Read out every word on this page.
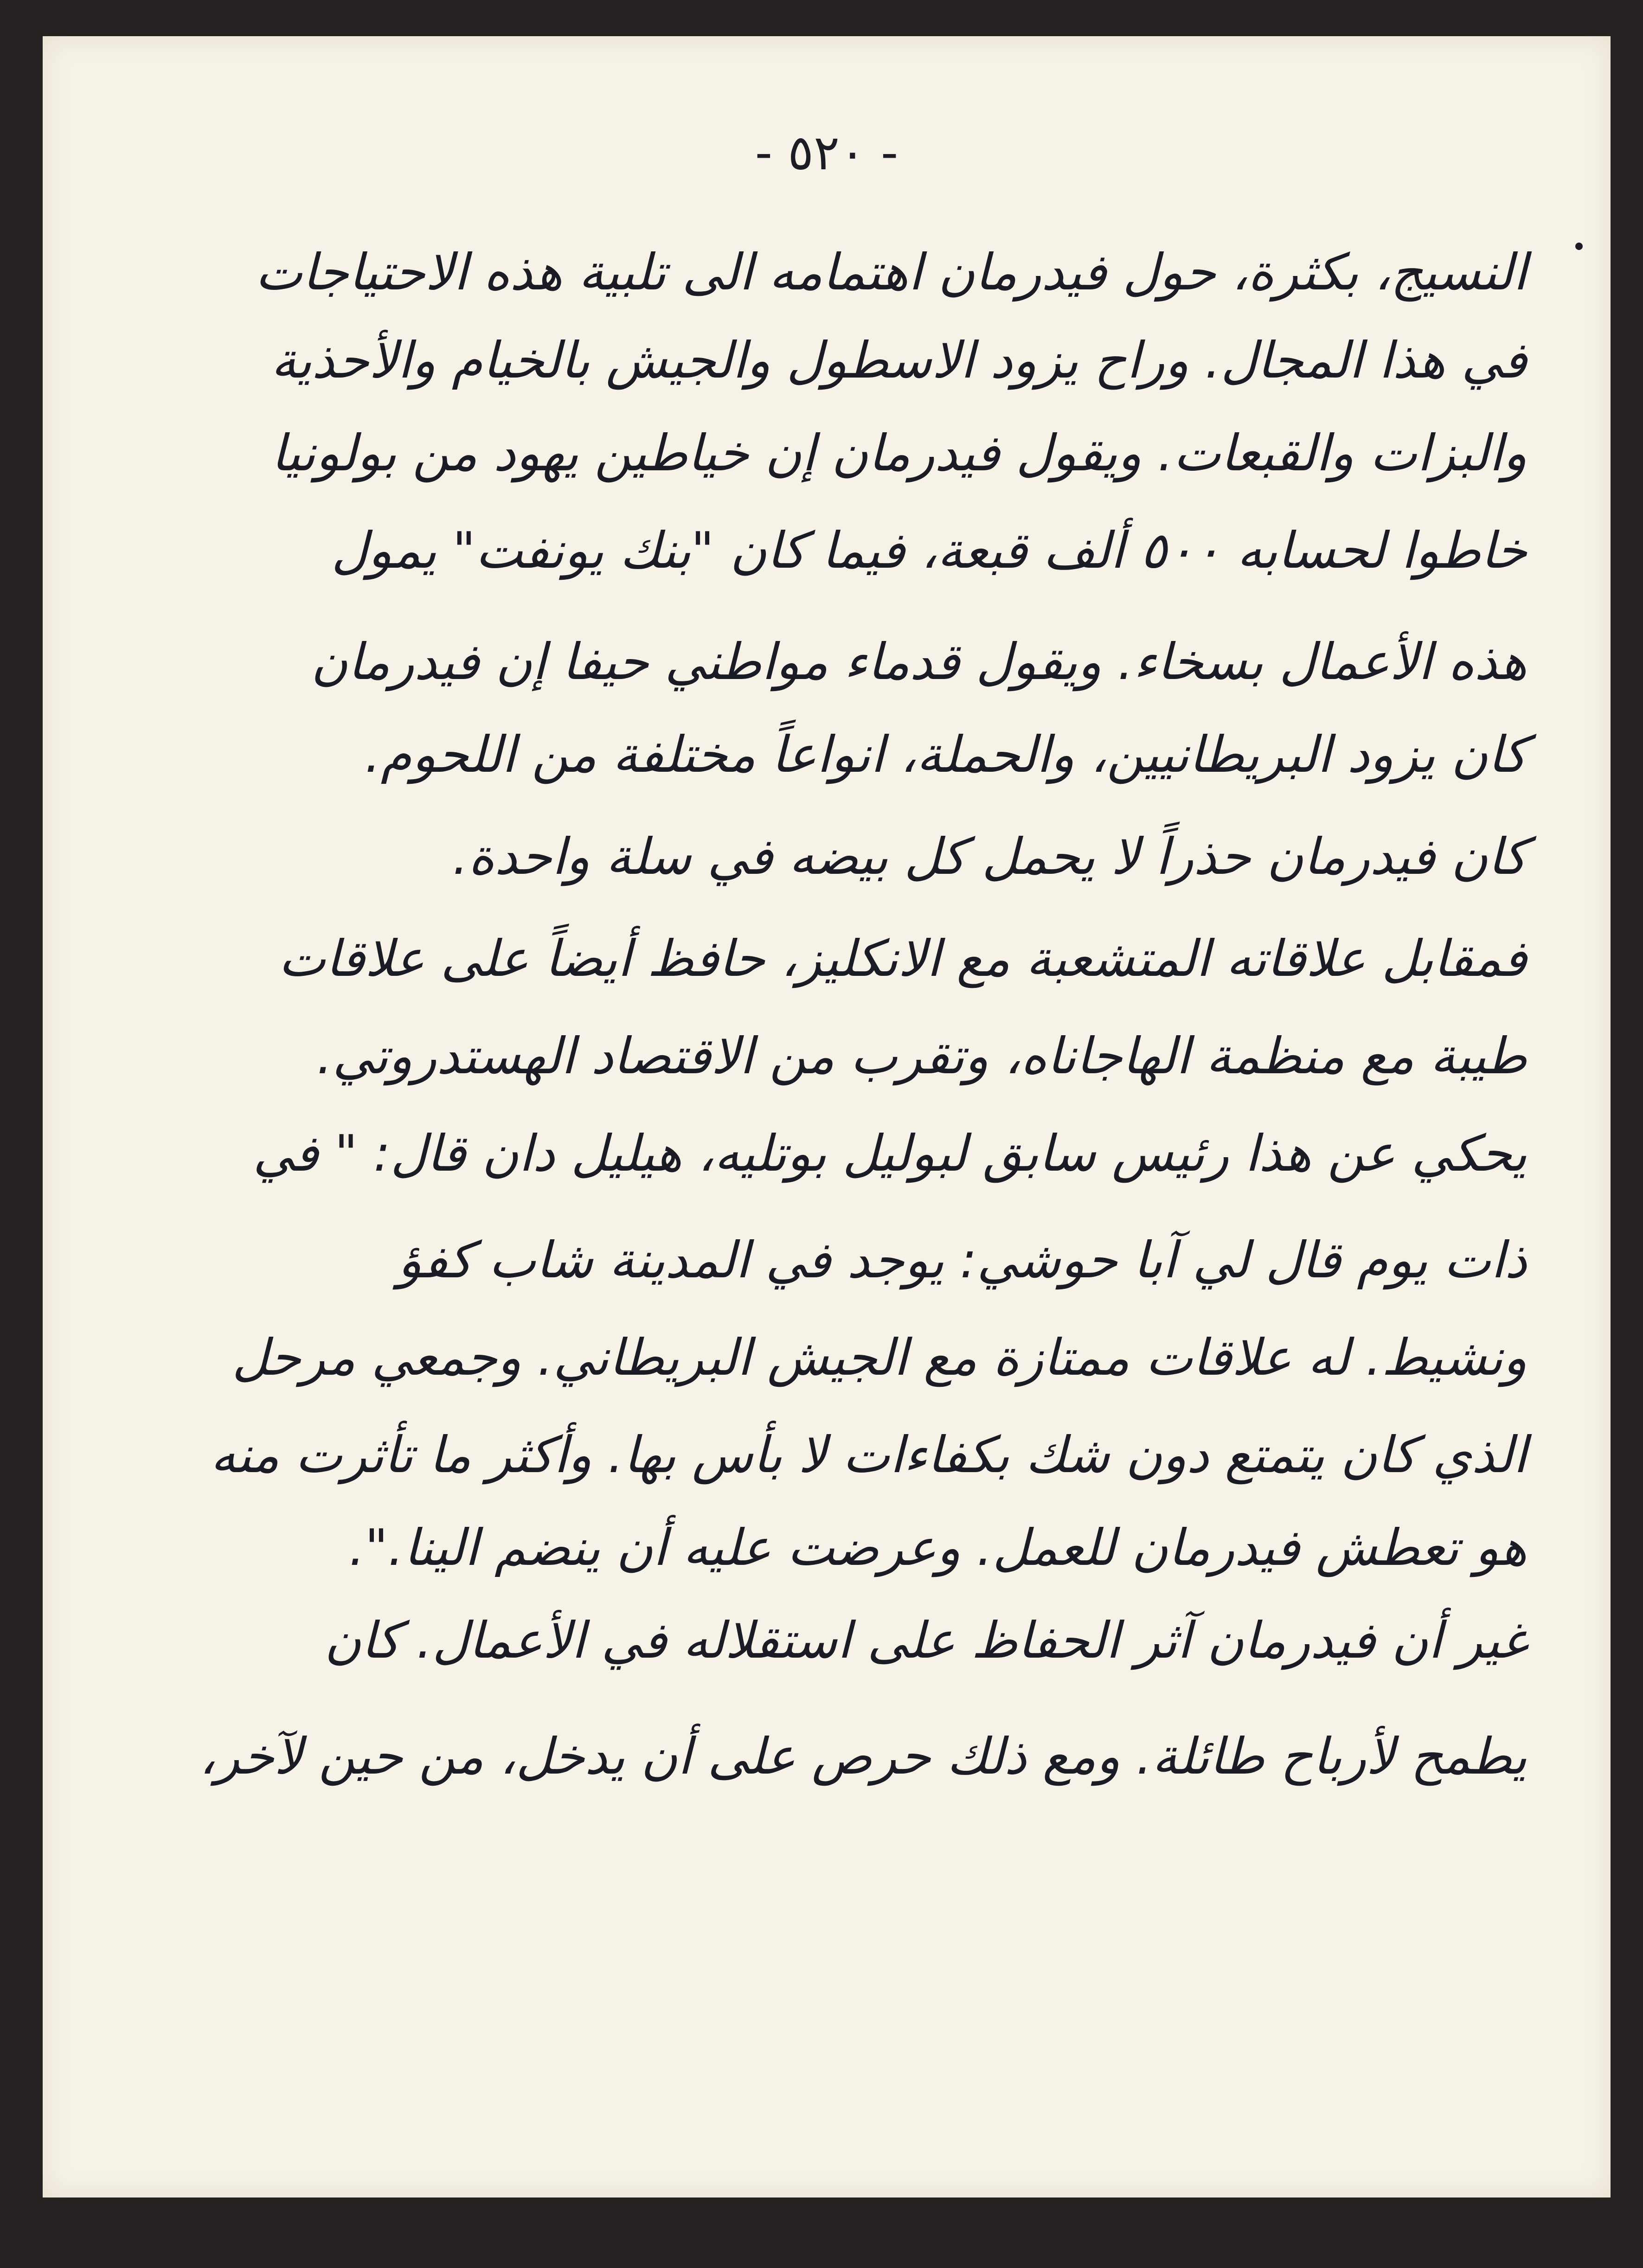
- ٥٢٠ -
النسيج، بكثرة، حول فيدرمان اهتمامه الى تلبية هذه الاحتياجات
في هذا المجال. وراح يزود الاسطول والجيش بالخيام والأحذية
والبزات والقبعات. ويقول فيدرمان إن خياطين يهود من بولونيا
خاطوا لحسابه ٥٠٠ ألف قبعة، فيما كان "بنك يونفت" يمول
هذه الأعمال بسخاء. ويقول قدماء مواطني حيفا إن فيدرمان
كان يزود البريطانيين، والحملة، انواعاً مختلفة من اللحوم.
كان فيدرمان حذراً لا يحمل كل بيضه في سلة واحدة.
فمقابل علاقاته المتشعبة مع الانكليز، حافظ أيضاً على علاقات
طيبة مع منظمة الهاجاناه، وتقرب من الاقتصاد الهستدروتي.
يحكي عن هذا رئيس سابق لبوليل بوتليه، هيليل دان قال: " في
ذات يوم قال لي آبا حوشي: يوجد في المدينة شاب كفؤ
ونشيط. له علاقات ممتازة مع الجيش البريطاني. وجمعي مرحل
الذي كان يتمتع دون شك بكفاءات لا بأس بها. وأكثر ما تأثرت منه
هو تعطش فيدرمان للعمل. وعرضت عليه أن ينضم الينا.".
غير أن فيدرمان آثر الحفاظ على استقلاله في الأعمال. كان
يطمح لأرباح طائلة. ومع ذلك حرص على أن يدخل، من حين لآخر،
